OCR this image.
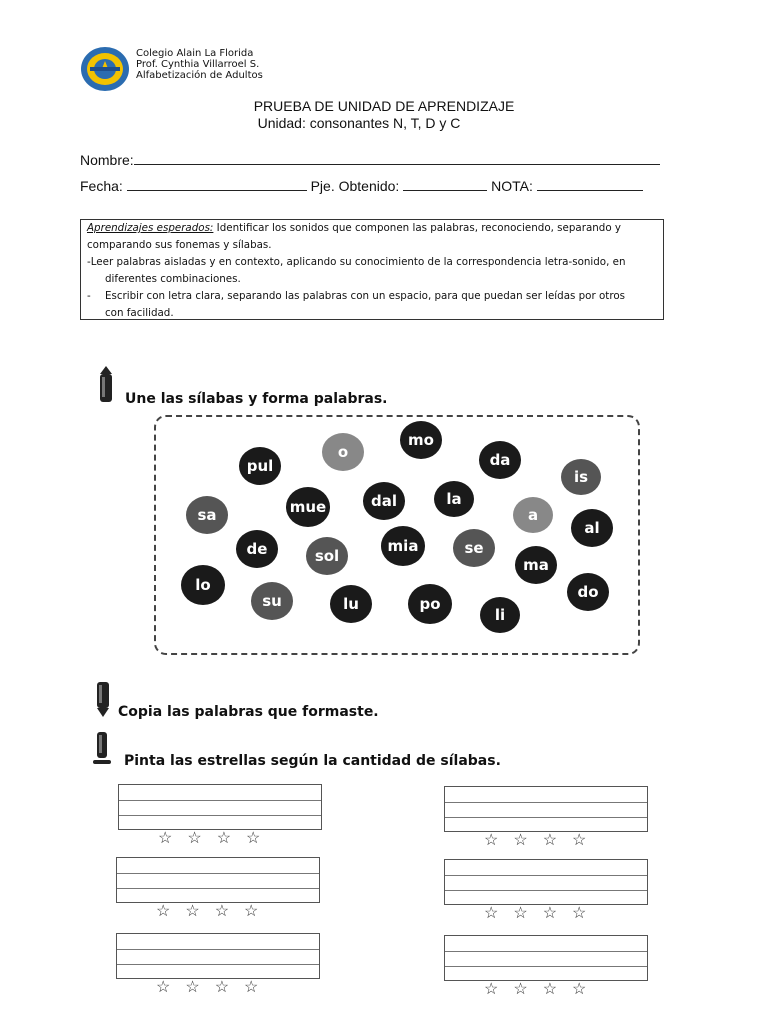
Colegio Alain La Florida
Prof. Cynthia Villarroel S.
Alfabetización de Adultos
PRUEBA DE UNIDAD DE APRENDIZAJE
Unidad: consonantes N, T, D y C
Nombre:
Fecha:	Pje. Obtenido:	NOTA:
Aprendizajes esperados: Identificar los sonidos que componen las palabras, reconociendo, separando y
comparando sus fonemas y sílabas.
-Leer palabras aisladas y en contexto, aplicando su conocimiento de la correspondencia letra-sonido, en
diferentes combinaciones.
-	Escribir con letra clara, separando las palabras con un espacio, para que puedan ser leídas por otros
con facilidad.
Une las sílabas y forma palabras.
mo
o
pul	da
is
sa	mue	dal	la
a
al
de	sol
mia	se
ma
lo
su	lu	po
li
do
Copia las palabras que formaste.
Pinta las estrellas según la cantidad de sílabas.
☆☆☆☆	☆☆☆☆
☆☆☆☆	☆☆☆☆
☆☆☆☆	☆☆☆☆
